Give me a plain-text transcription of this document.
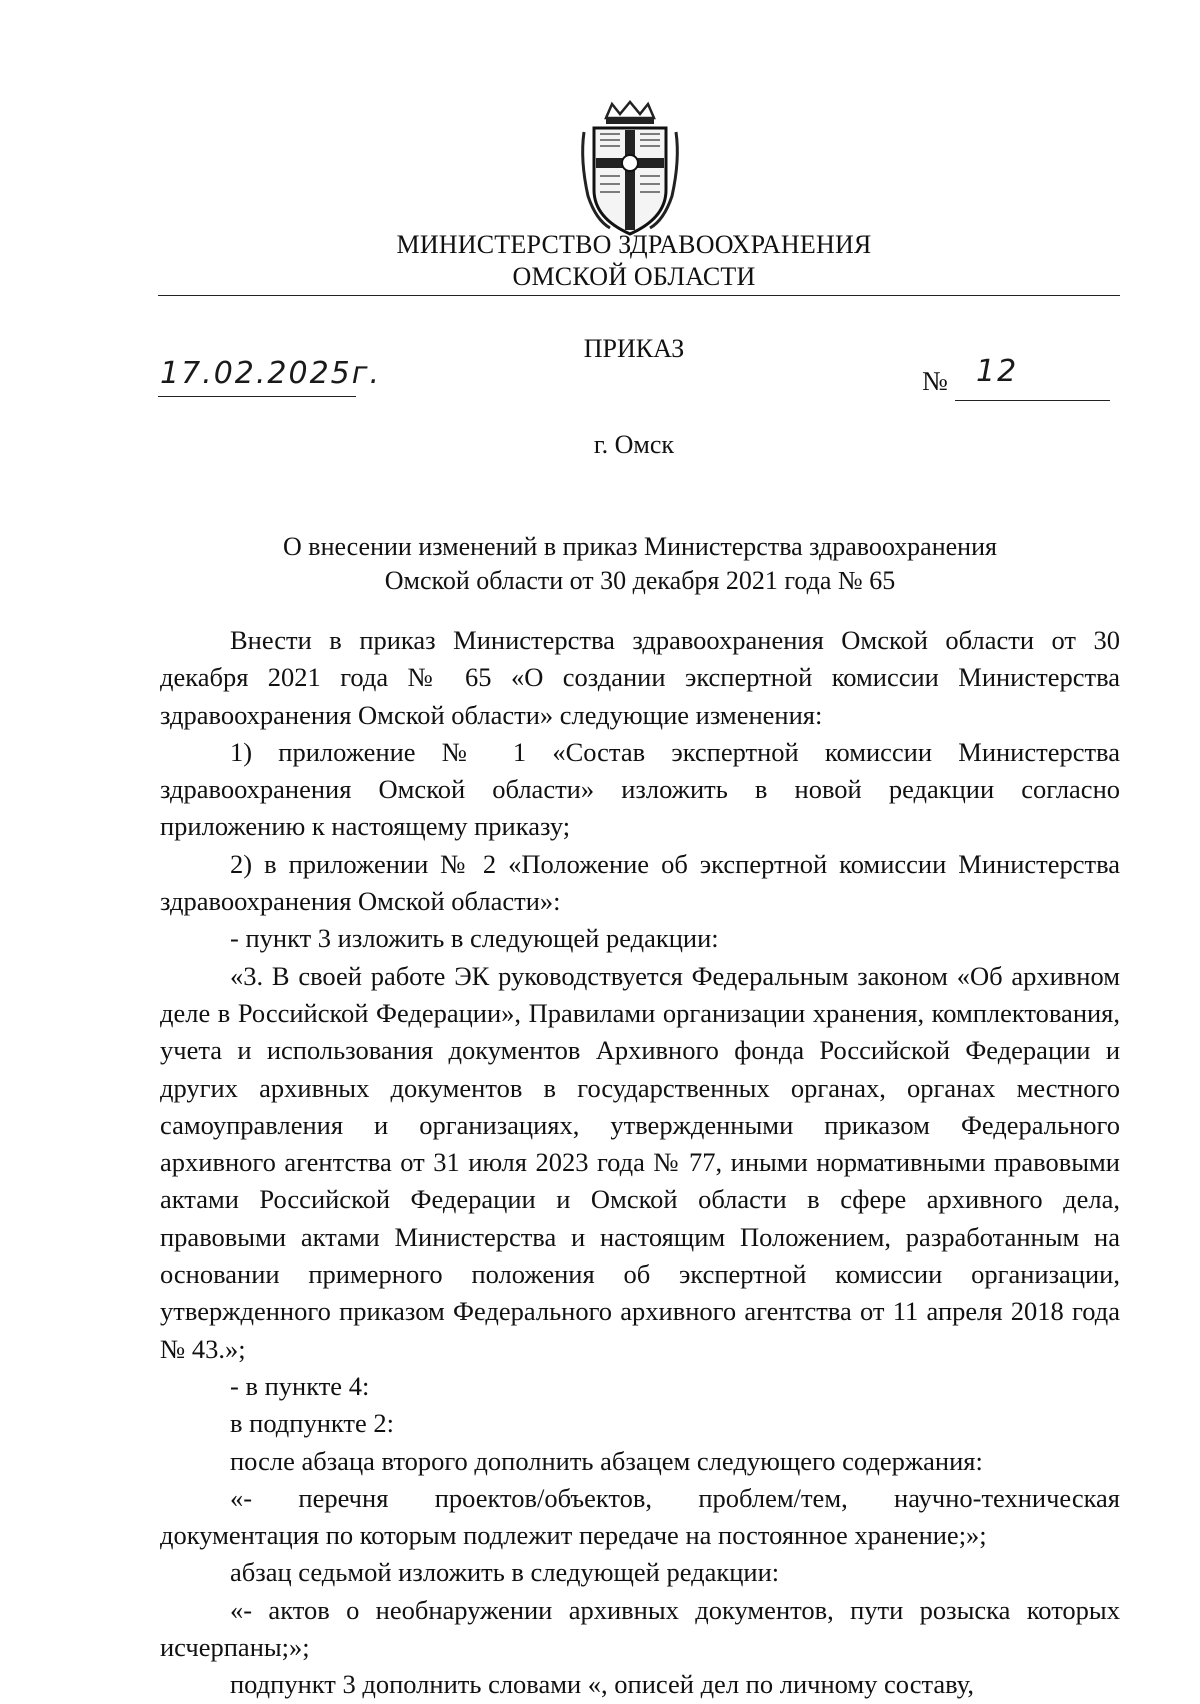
МИНИСТЕРСТВО ЗДРАВООХРАНЕНИЯ
ОМСКОЙ ОБЛАСТИ
ПРИКАЗ
17.02.2025г.	№ 12
г. Омск
О внесении изменений в приказ Министерства здравоохранения
Омской области от 30 декабря 2021 года № 65

Внести в приказ Министерства здравоохранения Омской области от 30 декабря 2021 года № 65 «О создании экспертной комиссии Министерства здравоохранения Омской области» следующие изменения:

1) приложение № 1 «Состав экспертной комиссии Министерства здравоохранения Омской области» изложить в новой редакции согласно приложению к настоящему приказу;

2) в приложении № 2 «Положение об экспертной комиссии Министерства здравоохранения Омской области»:

- пункт 3 изложить в следующей редакции:

«3. В своей работе ЭК руководствуется Федеральным законом «Об архивном деле в Российской Федерации», Правилами организации хранения, комплектования, учета и использования документов Архивного фонда Российской Федерации и других архивных документов в государственных органах, органах местного самоуправления и организациях, утвержденными приказом Федерального архивного агентства от 31 июля 2023 года № 77, иными нормативными правовыми актами Российской Федерации и Омской области в сфере архивного дела, правовыми актами Министерства и настоящим Положением, разработанным на основании примерного положения об экспертной комиссии организации, утвержденного приказом Федерального архивного агентства от 11 апреля 2018 года № 43.»;

- в пункте 4:

в подпункте 2:

после абзаца второго дополнить абзацем следующего содержания:

«- перечня проектов/объектов, проблем/тем, научно-техническая документация по которым подлежит передаче на постоянное хранение;»;

абзац седьмой изложить в следующей редакции:

«- актов о необнаружении архивных документов, пути розыска которых исчерпаны;»;

подпункт 3 дополнить словами «, описей дел по личному составу,
